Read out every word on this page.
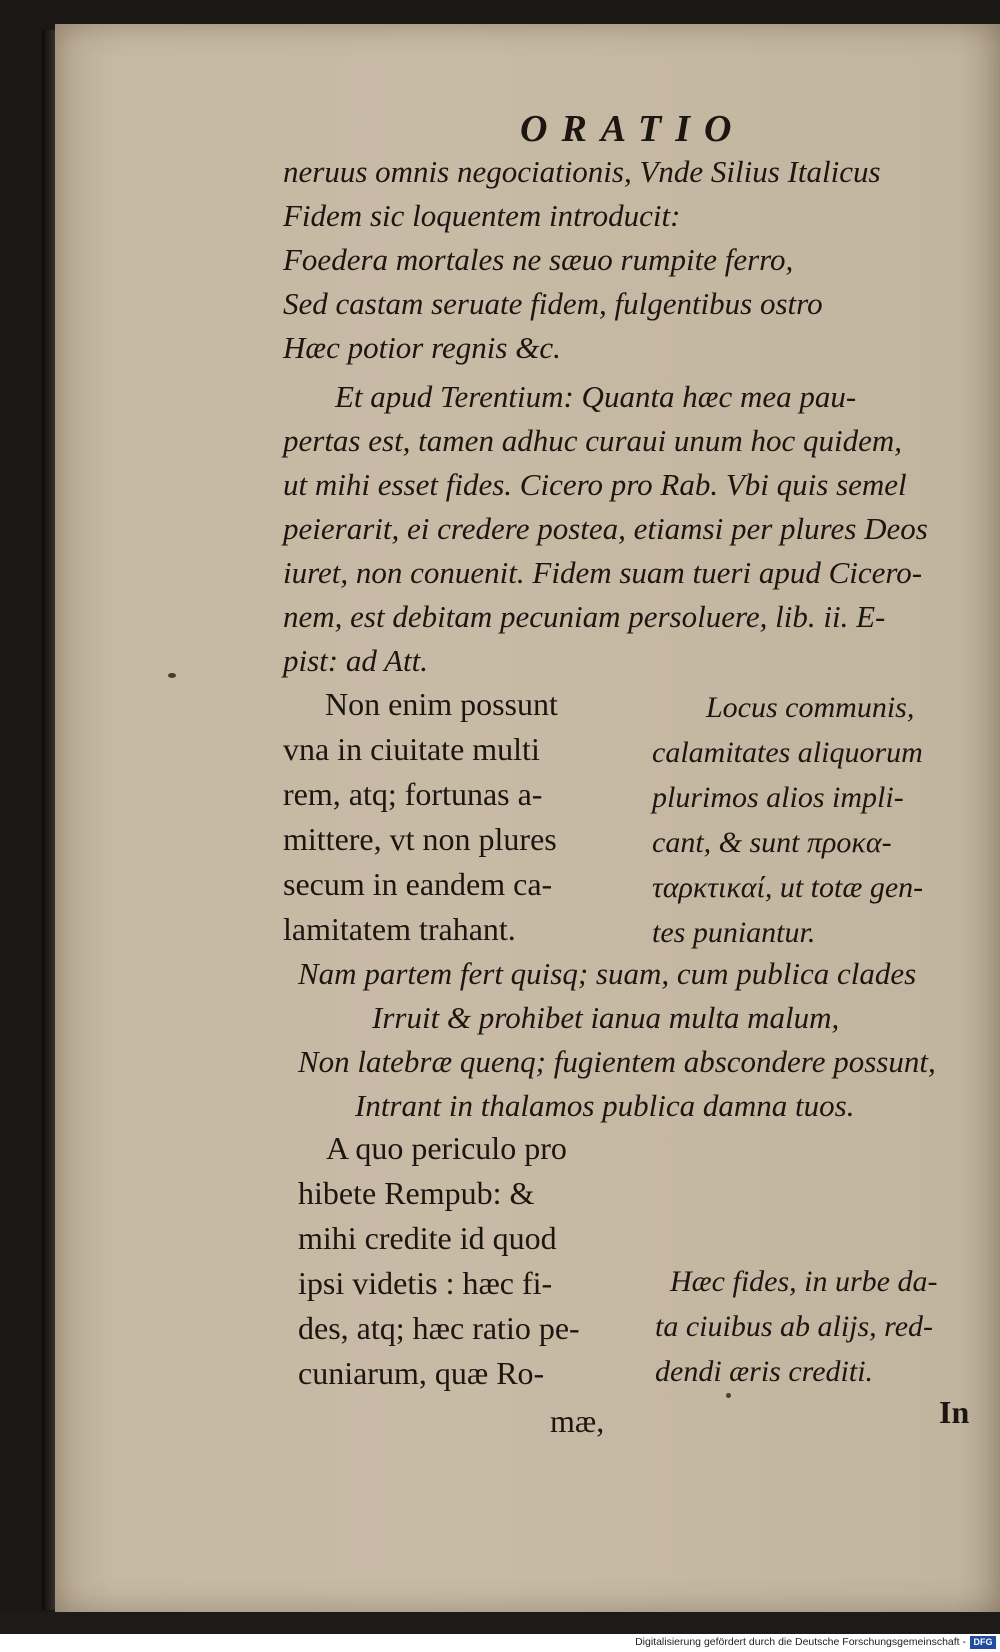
ORATIO
neruus omnis negociationis, Vnde Silius Italicus
Fidem sic loquentem introducit:
Foedera mortales ne sæuo rumpite ferro,
Sed castam seruate fidem, fulgentibus ostro
Hæc potior regnis &c.
Et apud Terentium: Quanta hæc mea pau-
pertas est, tamen adhuc curaui unum hoc quidem,
ut mihi esset fides. Cicero pro Rab. Vbi quis semel
peierarit, ei credere postea, etiamsi per plures Deos
iuret, non conuenit. Fidem suam tueri apud Cicero-
nem, est debitam pecuniam persoluere, lib. ii. E-
pist: ad Att.
Non enim possunt
vna in ciuitate multi
rem, atq; fortunas a-
mittere, vt non plures
secum in eandem ca-
lamitatem trahant.
Locus communis,
calamitates aliquorum
plurimos alios impli-
cant, & sunt προκα-
ταρκτικαί, ut totæ gen-
tes puniantur.
Nam partem fert quisq; suam, cum publica clades
Irruit & prohibet ianua multa malum,
Non latebræ quenq; fugientem abscondere possunt,
Intrant in thalamos publica damna tuos.
A quo periculo pro
hibete Rempub: &
mihi credite id quod
ipsi videtis : hæc fi-
des, atq; hæc ratio pe-
cuniarum, quæ Ro-
Hæc fides, in urbe da-
ta ciuibus ab alijs, red-
dendi æris crediti.
mæ,	In
Digitalisierung gefördert durch die Deutsche Forschungsgemeinschaft - DFG
